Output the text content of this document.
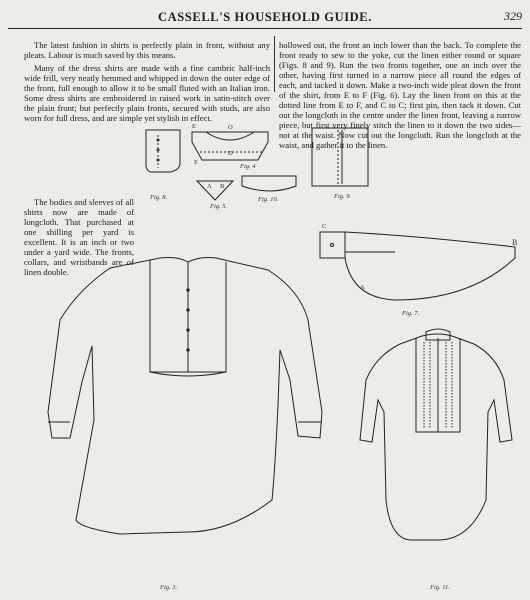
CASSELL'S HOUSEHOLD GUIDE.	329

The latest fashion in shirts is perfectly plain in front, without any pleats. Labour is much saved by this means.

Many of the dress shirts are made with a fine cambric half-inch wide frill, very neatly hemmed and whipped in down the outer edge of the front, full enough to allow it to be small fluted with an Italian iron. Some dress shirts are embroidered in raised work in satin-stitch over the plain front; but perfectly plain fronts, secured with studs, are also worn for full dress, and are simple yet stylish in effect.

The bodies and sleeves of all shirts now are made of longcloth. That purchased at one shilling per yard is excellent. It is an inch or two under a yard wide. The fronts, collars, and wristbands are of linen double.

hollowed out, the front an inch lower than the back. To complete the front ready to sew to the yoke, cut the linen either round or square (Figs. 8 and 9). Run the two fronts together, one an inch over the other, having first turned in a narrow piece all round the edges of each, and tacked it down. Make a two-inch wide pleat down the front of the shirt, from E to F (Fig. 6). Lay the linen front on this at the dotted line from E to F, and C to C; first pin, then tack it down. Cut out the longcloth in the centre under the linen front, leaving a narrow piece, but first very finely stitch the linen to it down the two sides—not at the waist. Now cut out the longcloth. Run the longcloth at the waist, and gather it to the linen.

E	O
D
E
A B
C
B
A
Fig. 8.
Fig. 4
Fig. 5.
Fig. 10.	Fig. 9.
Fig. 7.
Fig. 3.	Fig. 11.
